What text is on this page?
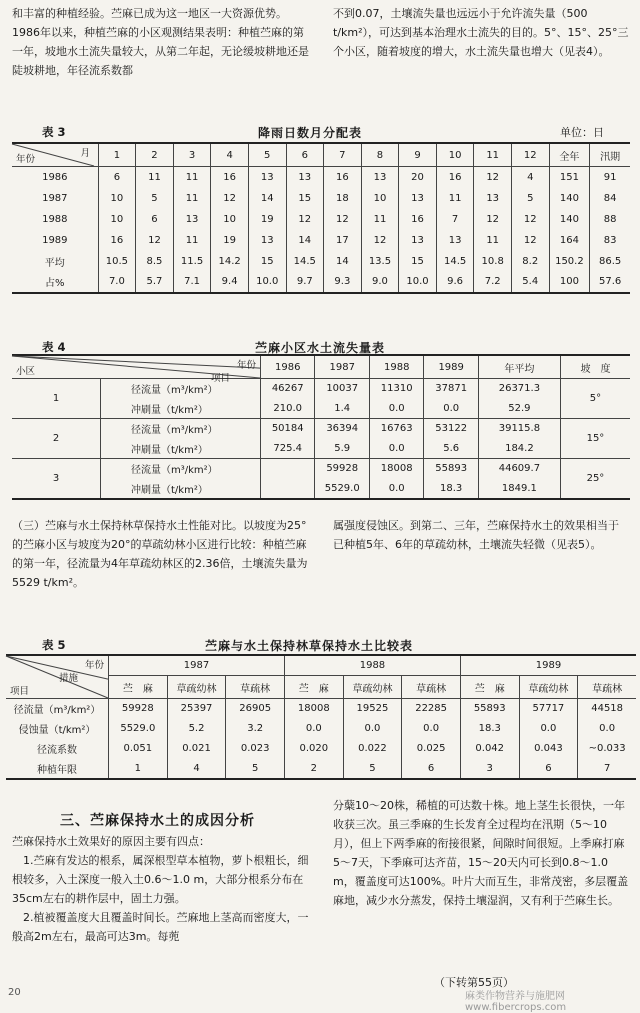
和丰富的种植经验。苎麻已成为这一地区一大资源优势。1986年以来，种植苎麻的小区观测结果表明：种植苎麻的第一年，坡地水土流失量较大，从第二年起，无论缓坡耕地还是陡坡耕地，年径流系数都
不到0.07，土壤流失量也远远小于允许流失量（500 t/km²），可达到基本治理水土流失的目的。5°、15°、25°三个小区，随着坡度的增大，水土流失量也增大（见表4）。
表 3	降雨日数月分配表	单位：日
月
年份	1	2	3	4	5	6	7	8	9	10	11	12	全年	汛期
1986	6	11	11	16	13	13	16	13	20	16	12	4	151	91
1987	10	5	11	12	14	15	18	10	13	11	13	5	140	84
1988	10	6	13	10	19	12	12	11	16	7	12	12	140	88
1989	16	12	11	19	13	14	17	12	13	13	11	12	164	83
平均	10.5	8.5	11.5	14.2	15	14.5	14	13.5	15	14.5	10.8	8.2	150.2	86.5
占%	7.0	5.7	7.1	9.4	10.0	9.7	9.3	9.0	10.0	9.6	7.2	5.4	100	57.6
表 4	苎麻小区水土流失量表
年份
项目
小区		1986	1987	1988	1989	年平均	坡　度
1	径流量（m³/km²）	46267	10037	11310	37871	26371.3	5°
	冲刷量（t/km²）	210.0	1.4	0.0	0.0	52.9	
2	径流量（m³/km²）	50184	36394	16763	53122	39115.8	15°
	冲刷量（t/km²）	725.4	5.9	0.0	5.6	184.2	
3	径流量（m³/km²）		59928	18008	55893	44609.7	25°
	冲刷量（t/km²）		5529.0	0.0	18.3	1849.1	
（三）苎麻与水土保持林草保持水土性能对比。以坡度为25°的苎麻小区与坡度为20°的草疏幼林小区进行比较：种植苎麻的第一年，径流量为4年草疏幼林区的2.36倍，土壤流失量为5529 t/km²。
属强度侵蚀区。到第二、三年，苎麻保持水土的效果相当于已种植5年、6年的草疏幼林，土壤流失轻微（见表5）。
表 5	苎麻与水土保持林草保持水土比较表
年份
措施
项目	1987			1988			1989		
	苎　麻	草疏幼林	草疏林	苎　麻	草疏幼林	草疏林	苎　麻	草疏幼林	草疏林
径流量（m³/km²）	59928	25397	26905	18008	19525	22285	55893	57717	44518
侵蚀量（t/km²）	5529.0	5.2	3.2	0.0	0.0	0.0	18.3	0.0	0.0
径流系数	0.051	0.021	0.023	0.020	0.022	0.025	0.042	0.043	~0.033
种植年限	1	4	5	2	5	6	3	6	7
三、苎麻保持水土的成因分析
苎麻保持水土效果好的原因主要有四点：
　1.苎麻有发达的根系，属深根型草本植物，萝卜根粗长，细根较多，入土深度一般入土0.6～1.0 m，大部分根系分布在35cm左右的耕作层中，固土力强。
　2.植被覆盖度大且覆盖时间长。苎麻地上茎高而密度大，一般高2m左右，最高可达3m。每蔸
分蘖10～20株，稀植的可达数十株。地上茎生长很快，一年收获三次。虽三季麻的生长发育全过程均在汛期（5～10月），但上下两季麻的衔接很紧，间隙时间很短。上季麻打麻5～7天，下季麻可达齐苗，15～20天内可长到0.8～1.0 m，覆盖度可达100%。叶片大而互生，非常茂密，多层覆盖麻地，减少水分蒸发，保持土壤湿润，又有利于苎麻生长。
（下转第55页）
20	麻类作物营养与施肥网 www.fibercrops.com
